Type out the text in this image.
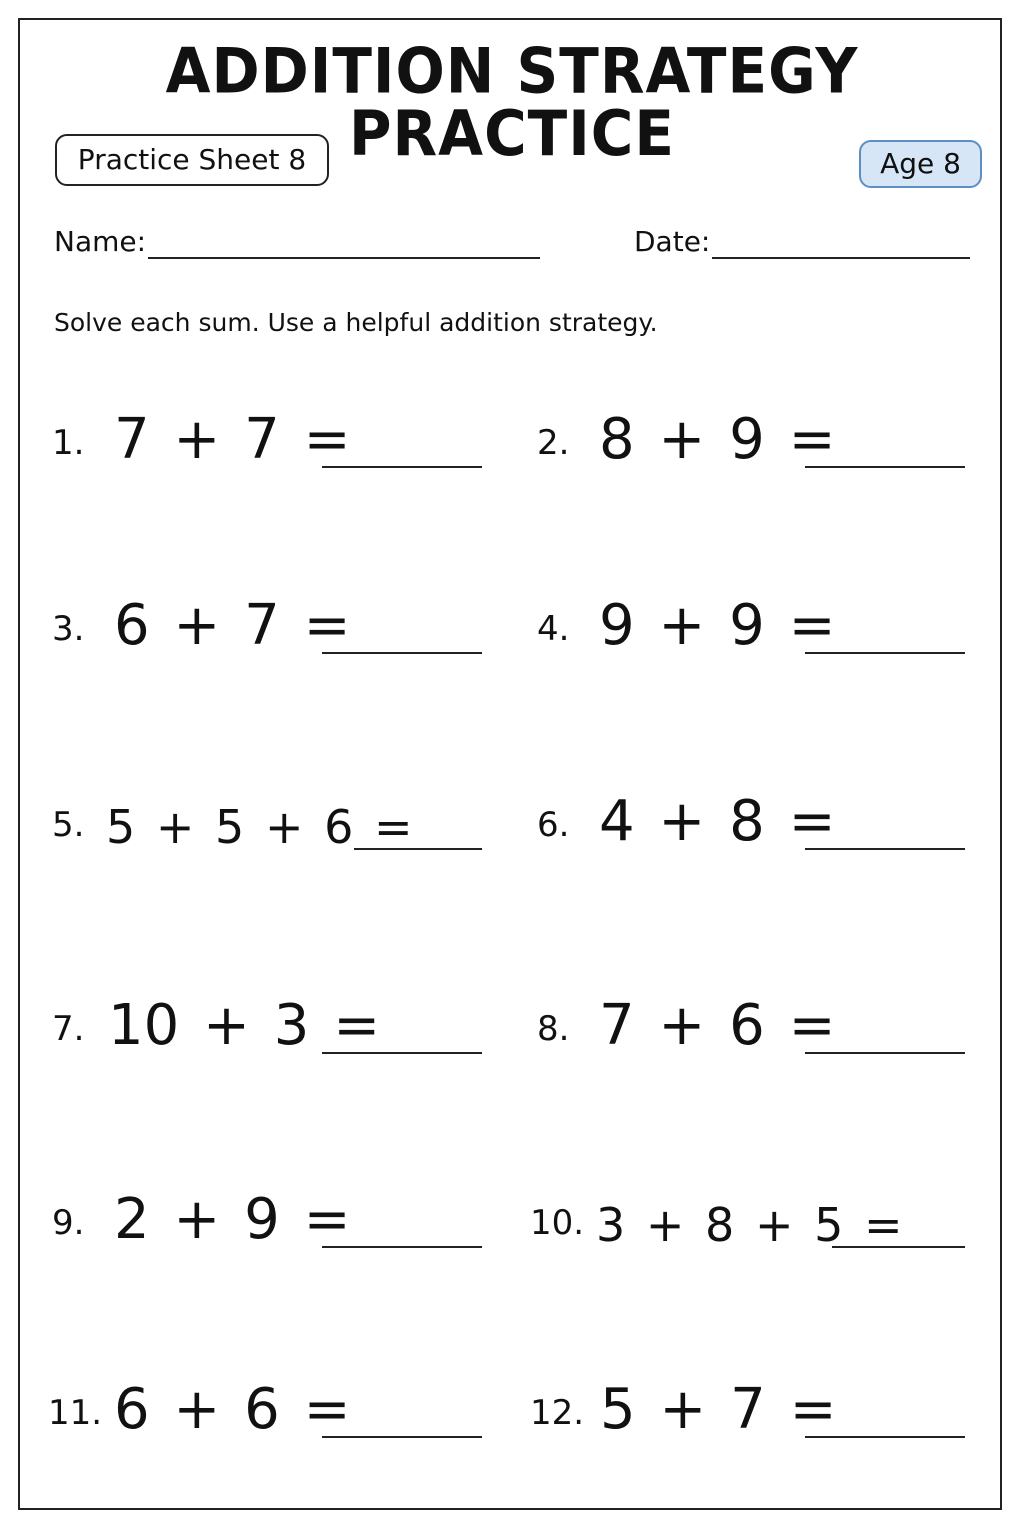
ADDITION STRATEGY PRACTICE
Practice Sheet 8	Age 8
Name:	Date:
Solve each sum. Use a helpful addition strategy.
1. 7 + 7 =	2. 8 + 9 =
3. 6 + 7 =	4. 9 + 9 =
5. 5 + 5 + 6 =	6. 4 + 8 =
7. 10 + 3 =	8. 7 + 6 =
9. 2 + 9 =	10. 3 + 8 + 5 =
11. 6 + 6 =	12. 5 + 7 =
